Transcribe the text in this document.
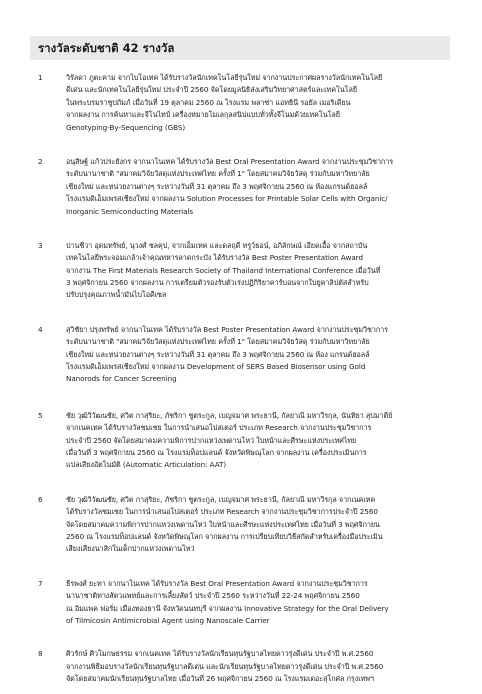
รางวัลระดับชาติ 42 รางวัล
1	วิรัลดา ภูตะคาม จากไบโอเทค ได้รับรางวัลนักเทคโนโลยีรุ่นใหม่ จากงานประกาศผลรางวัลนักเทคโนโลยี
ดีเด่น และนักเทคโนโลยีรุ่นใหม่ ประจำปี 2560 จัดโดยมูลนิธิส่งเสริมวิทยาศาสตร์และเทคโนโลยี
ในพระบรมราชูปถัมภ์ เมื่อวันที่ 19 ตุลาคม 2560 ณ โรงแรม พลาซ่า แอทธินี รอยัล เมอริเดียน
จากผลงาน การค้นหาและจีโนไทป์ เครื่องหมายโมเลกุลสนิปแบบทั่วทั้งจีโนมด้วยเทคโนโลยี
Genotyping-By-Sequencing (GBS)
2	อนุสิษฐ์ แก้วประยังกร จากนาโนเทค ได้รับรางวัล Best Oral Presentation Award จากงานประชุมวิชาการ
ระดับนานาชาติ "สมาคมวิจัยวัสดุแห่งประเทศไทย ครั้งที่ 1" โดยสมาคมวิจัยวัสดุ ร่วมกับมหาวิทยาลัย
เชียงใหม่ และหน่วยงานต่างๆ ระหว่างวันที่ 31 ตุลาคม ถึง 3 พฤศจิกายน 2560 ณ ห้องแกรนด์ฮอลล์
โรงแรมดิเอ็มเพรสเชียงใหม่ จากผลงาน Solution Processes for Printable Solar Cells with Organic/
Inorganic Semiconducting Materials
3	ปานชีวา อุดมทรัพย์, นุวงศ์ ชลคุป, จากเอ็มเทค และดลฤดี ทรูว์ธอน์, อภิลักษณ์ เอียดเอื้อ จากสถาบัน
เทคโนโลยีพระจอมเกล้าเจ้าคุณทหารลาดกระบัง ได้รับรางวัล Best Poster Presentation Award
จากงาน The First Materials Research Society of Thailand International Conference เมื่อวันที่
3 พฤศจิกายน 2560 จากผลงาน การเตรียมตัวรองรับตัวเร่งปฏิกิริยาคาร์บอนจากใบยูคาลิปตัสสำหรับ
ปรับปรุงคุณภาพน้ำมันไบโอดีเซล
4	สุวิชัยา ปรุงทรัพย์ จากนาโนเทค ได้รับรางวัล Best Poster Presentation Award จากงานประชุมวิชาการ
ระดับนานาชาติ "สมาคมวิจัยวัสดุแห่งประเทศไทย ครั้งที่ 1" โดยสมาคมวิจัยวัสดุ ร่วมกับมหาวิทยาลัย
เชียงใหม่ และหน่วยงานต่างๆ ระหว่างวันที่ 31 ตุลาคม ถึง 3 พฤศจิกายน 2560 ณ ห้อง แกรนด์ฮอลล์
โรงแรมดิเอ็มเพรสเชียงใหม่ จากผลงาน Development of SERS Based Biosensor using Gold
Nanorods for Cancer Screening
5	ชัย วุฒิวิวัฒนชัย, ศวิต กาสุริยะ, ภัชริกา ชูตระกูล, เบญจมาศ พระธานี, กัลยาณี มหาวีรกุล, นันทิยา สุปมาตีย์
จากเนคเทค ได้รับรางวัลชมเชย ในการนำเสนอโปสเตอร์ ประเภท Research จากงานประชุมวิชาการ
ประจำปี 2560 จัดโดยสมาคมความพิการปากแหว่งเพดานโหว่ ใบหน้าและศีรษะแห่งประเทศไทย
เมื่อวันที่ 3 พฤศจิกายน 2560 ณ โรงแรมท็อปแลนด์ จังหวัดพิษณุโลก จากผลงาน เครื่องประเมินการ
แปลเสียงอัตโนมัติ (Automatic Articulation: AAT)
6	ชัย วุฒิวิวัฒนชัย, ศวิต กาสุริยะ, ภัชริกา ชูตระกูล, เบญจมาศ พระธานี, กัลยาณี มหาวีรกุล จากเนคเทค
ได้รับรางวัลชมเชย ในการนำเสนอโปสเตอร์ ประเภท Research จากงานประชุมวิชาการประจำปี 2560
จัดโดยสมาคมความพิการปากแหว่งเพดานโหว่ ใบหน้าและศีรษะแห่งประเทศไทย เมื่อวันที่ 3 พฤศจิกายน
2560 ณ โรงแรมท็อปแลนด์ จังหวัดพิษณุโลก จากผลงาน การเปรียบเทียบวิธีสกัดสำหรับเครื่องมือประเมิน
เสียงเสียงนาสิกในเด็กปากแหว่งเพดานโหว่
7	ธีรพงศ์ ยะทา จากนาโนเทค ได้รับรางวัล Best Oral Presentation Award จากงานประชุมวิชาการ
นานาชาติทางสัตวแพทย์และการเลี้ยงสัตว์ ประจำปี 2560 ระหว่างวันที่ 22-24 พฤศจิกายน 2560
ณ อิมแพค ฟอรั่ม เมืองทองธานี จังหวัดนนทบุรี จากผลงาน Innovative Strategy for the Oral Delivery
of Tilmicosin Antimicrobial Agent using Nanoscale Carrier
8	ศิวรักษ์ ศิวโมกษธรรม จากเนคเทค ได้รับรางวัลนักเรียนทุนรัฐบาลไทยดาวรุ่งดีเด่น ประจำปี พ.ศ.2560
จากงานพิธีมอบรางวัลนักเรียนทุนรัฐบาลดีเด่น และนักเรียนทุนรัฐบาลไทยดาวรุ่งดีเด่น ประจำปี พ.ศ.2560
จัดโดยสมาคมนักเรียนทุนรัฐบาลไทย เมื่อวันที่ 26 พฤศจิกายน 2560 ณ โรงแรมเดอะสุโกศล กรุงเทพฯ
